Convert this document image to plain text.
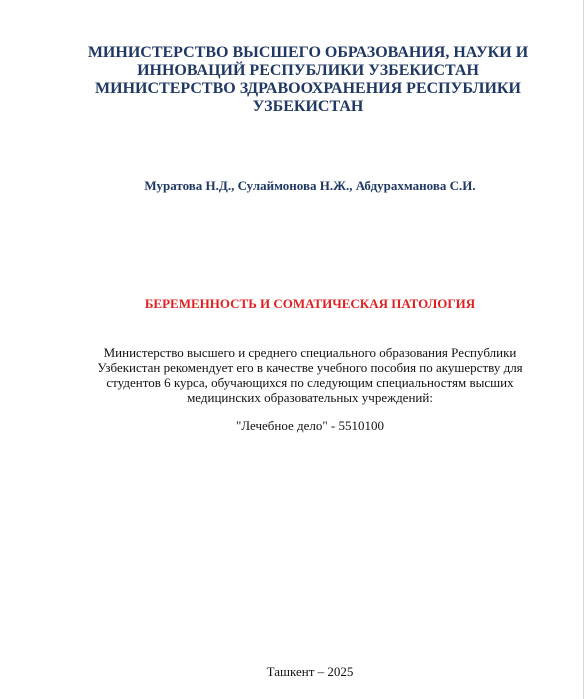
МИНИСТЕРСТВО ВЫСШЕГО ОБРАЗОВАНИЯ, НАУКИ И
ИННОВАЦИЙ РЕСПУБЛИКИ УЗБЕКИСТАН
МИНИСТЕРСТВО ЗДРАВООХРАНЕНИЯ РЕСПУБЛИКИ
УЗБЕКИСТАН
Муратова Н.Д., Сулаймонова Н.Ж., Абдурахманова С.И.
БЕРЕМЕННОСТЬ И СОМАТИЧЕСКАЯ ПАТОЛОГИЯ
Министерство высшего и среднего специального образования Республики
Узбекистан рекомендует его в качестве учебного пособия по акушерству для
студентов 6 курса, обучающихся по следующим специальностям высших
медицинских образовательных учреждений:
"Лечебное дело" - 5510100
Ташкент – 2025
